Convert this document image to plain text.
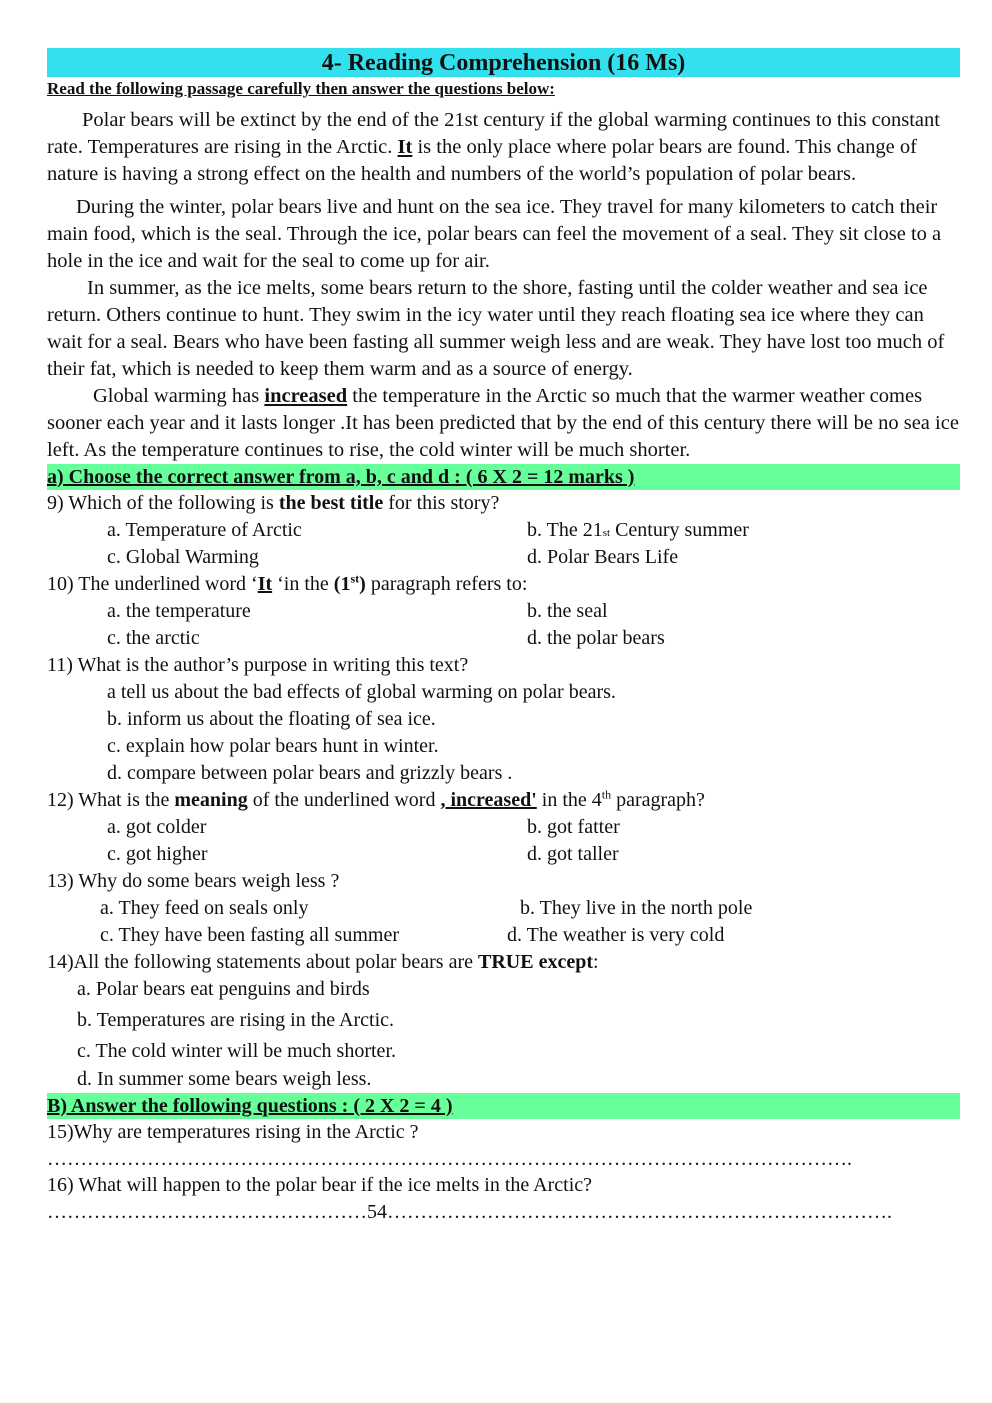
4- Reading Comprehension (16 Ms)
Read the following passage carefully then answer the questions below:

Polar bears will be extinct by the end of the 21st century if the global warming continues to this constant rate. Temperatures are rising in the Arctic. It is the only place where polar bears are found. This change of nature is having a strong effect on the health and numbers of the world’s population of polar bears.

During the winter, polar bears live and hunt on the sea ice. They travel for many kilometers to catch their main food, which is the seal. Through the ice, polar bears can feel the movement of a seal. They sit close to a hole in the ice and wait for the seal to come up for air.

In summer, as the ice melts, some bears return to the shore, fasting until the colder weather and sea ice return. Others continue to hunt. They swim in the icy water until they reach floating sea ice where they can wait for a seal. Bears who have been fasting all summer weigh less and are weak. They have lost too much of their fat, which is needed to keep them warm and as a source of energy.

Global warming has increased the temperature in the Arctic so much that the warmer weather comes sooner each year and it lasts longer .It has been predicted that by the end of this century there will be no sea ice left. As the temperature continues to rise, the cold winter will be much shorter.

a) Choose the correct answer from a, b, c and d : ( 6 X 2 = 12 marks )
9) Which of the following is the best title for this story?
a. Temperature of Arctic	b. The 21st Century summer
c. Global Warming	d. Polar Bears Life
10) The underlined word ‘It ‘in the (1st) paragraph refers to:
a. the temperature	b. the seal
c. the arctic	d. the polar bears
11) What is the author’s purpose in writing this text?
a tell us about the bad effects of global warming on polar bears.
b. inform us about the floating of sea ice.
c. explain how polar bears hunt in winter.
d. compare between polar bears and grizzly bears .
12) What is the meaning of the underlined word , increased' in the 4th paragraph?
a. got colder	b. got fatter
c. got higher	d. got taller
13) Why do some bears weigh less ?
a. They feed on seals only	b. They live in the north pole
c. They have been fasting all summer	d. The weather is very cold
14)All the following statements about polar bears are TRUE except:
a. Polar bears eat penguins and birds
b. Temperatures are rising in the Arctic.
c. The cold winter will be much shorter.
d. In summer some bears weigh less.
B) Answer the following questions : ( 2 X 2 = 4 )
15)Why are temperatures rising in the Arctic ?
………………………………………………………………………………………………………….
16) What will happen to the polar bear if the ice melts in the Arctic?
…………………………………………54………………………………………………………………….
